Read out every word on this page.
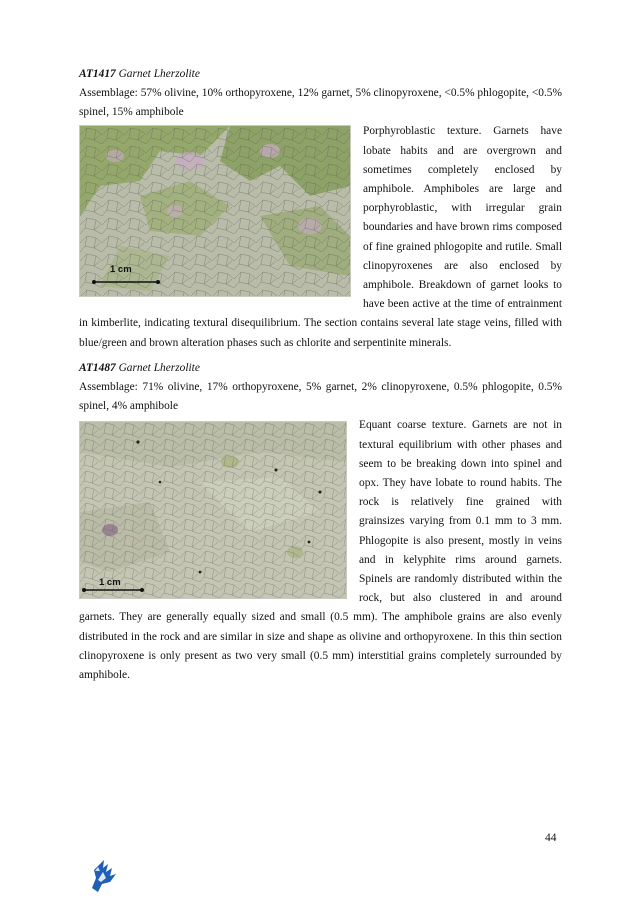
AT1417 Garnet Lherzolite
Assemblage: 57% olivine, 10% orthopyroxene, 12% garnet, 5% clinopyroxene, <0.5% phlogopite, <0.5% spinel, 15% amphibole
1 cm
Porphyroblastic texture. Garnets have lobate habits and are overgrown and sometimes completely enclosed by amphibole. Amphiboles are large and porphyroblastic, with irregular grain boundaries and have brown rims composed of fine grained phlogopite and rutile. Small clinopyroxenes are also enclosed by amphibole. Breakdown of garnet looks to have been active at the time of entrainment in kimberlite, indicating textural disequilibrium. The section contains several late stage veins, filled with blue/green and brown alteration phases such as chlorite and serpentinite minerals.
AT1487 Garnet Lherzolite
Assemblage: 71% olivine, 17% orthopyroxene, 5% garnet, 2% clinopyroxene, 0.5% phlogopite, 0.5% spinel, 4% amphibole
1 cm
Equant coarse texture. Garnets are not in textural equilibrium with other phases and seem to be breaking down into spinel and opx. They have lobate to round habits. The rock is relatively fine grained with grainsizes varying from 0.1 mm to 3 mm. Phlogopite is also present, mostly in veins and in kelyphite rims around garnets. Spinels are randomly distributed within the rock, but also clustered in and around garnets. They are generally equally sized and small (0.5 mm). The amphibole grains are also evenly distributed in the rock and are similar in size and shape as olivine and orthopyroxene. In this thin section clinopyroxene is only present as two very small (0.5 mm) interstitial grains completely surrounded by amphibole.
44
